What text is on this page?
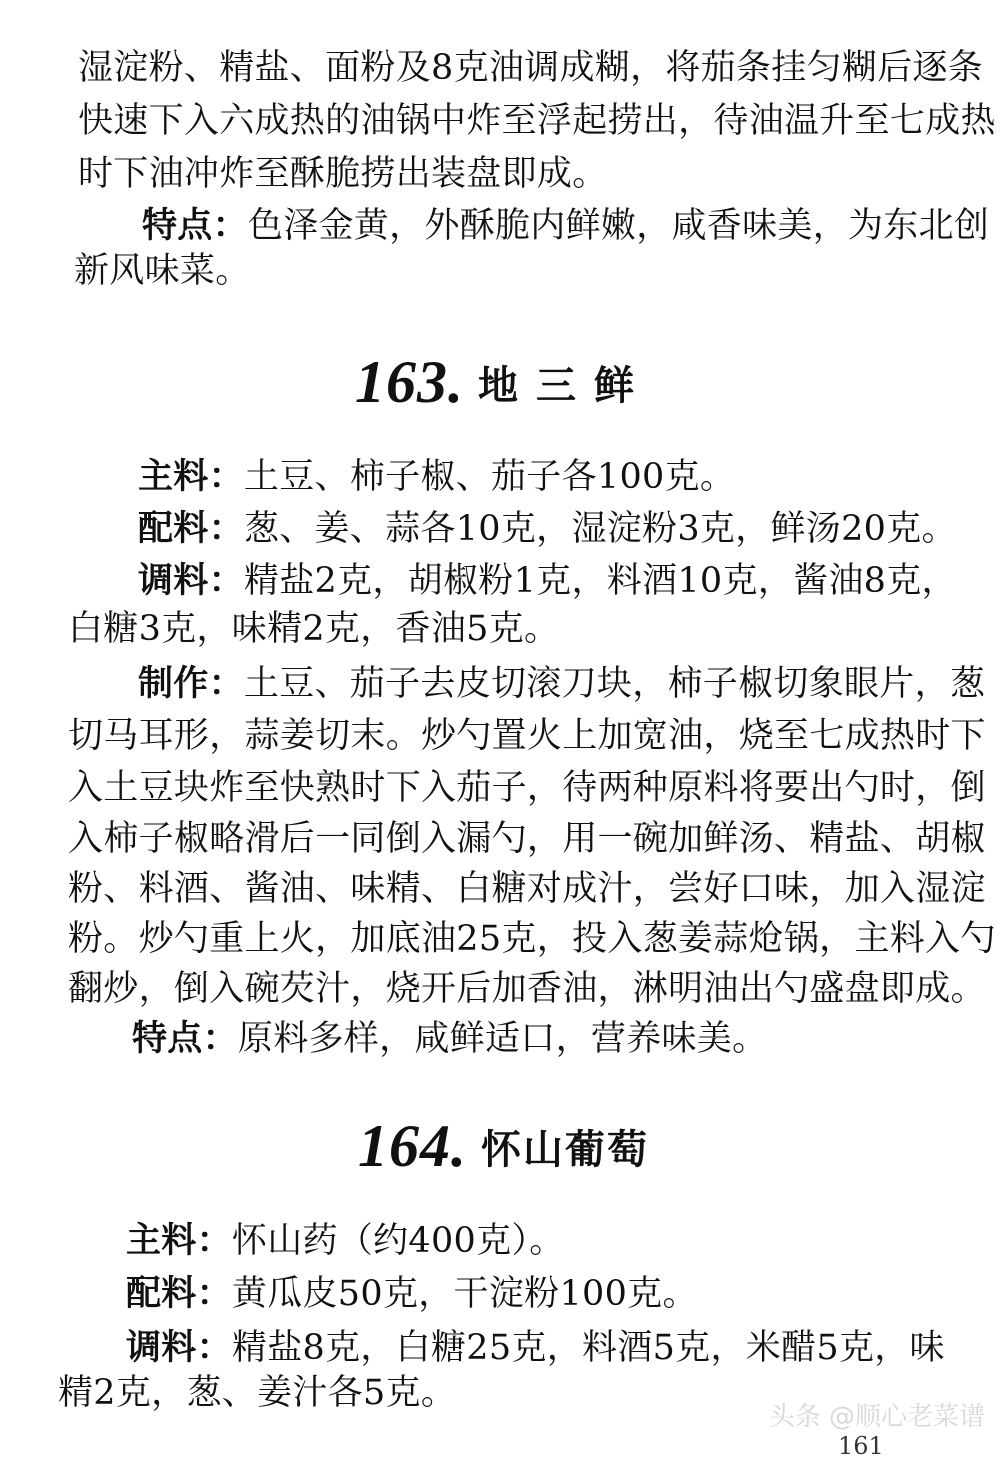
湿淀粉、精盐、面粉及8克油调成糊，将茄条挂匀糊后逐条
快速下入六成热的油锅中炸至浮起捞出，待油温升至七成热
时下油冲炸至酥脆捞出装盘即成。
特点：色泽金黄，外酥脆内鲜嫩，咸香味美，为东北创
新风味菜。
163. 地三鲜
主料：土豆、柿子椒、茄子各100克。
配料：葱、姜、蒜各10克，湿淀粉3克，鲜汤20克。
调料：精盐2克，胡椒粉1克，料酒10克，酱油8克，
白糖3克，味精2克，香油5克。
制作：土豆、茄子去皮切滚刀块，柿子椒切象眼片，葱
切马耳形，蒜姜切末。炒勺置火上加宽油，烧至七成热时下
入土豆块炸至快熟时下入茄子，待两种原料将要出勺时，倒
入柿子椒略滑后一同倒入漏勺，用一碗加鲜汤、精盐、胡椒
粉、料酒、酱油、味精、白糖对成汁，尝好口味，加入湿淀
粉。炒勺重上火，加底油25克，投入葱姜蒜炝锅，主料入勺
翻炒，倒入碗芡汁，烧开后加香油，淋明油出勺盛盘即成。
特点：原料多样，咸鲜适口，营养味美。
164. 怀山葡萄
主料：怀山药（约400克）。
配料：黄瓜皮50克，干淀粉100克。
调料：精盐8克，白糖25克，料酒5克，米醋5克，味
精2克，葱、姜汁各5克。
头条 @顺心老菜谱
161
